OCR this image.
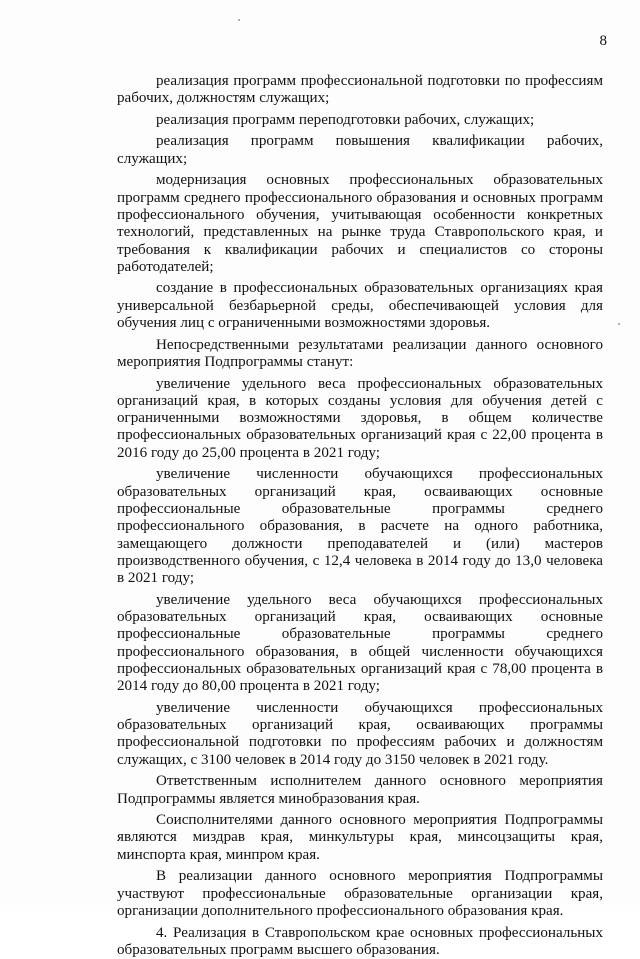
8

реализация программ профессиональной подготовки по профессиям рабочих, должностям служащих;

реализация программ переподготовки рабочих, служащих;

реализация программ повышения квалификации рабочих, служащих;

модернизация основных профессиональных образовательных программ среднего профессионального образования и основных программ профессионального обучения, учитывающая особенности конкретных технологий, представленных на рынке труда Ставропольского края, и требования к квалификации рабочих и специалистов со стороны работодателей;

создание в профессиональных образовательных организациях края универсальной безбарьерной среды, обеспечивающей условия для обучения лиц с ограниченными возможностями здоровья.

Непосредственными результатами реализации данного основного мероприятия Подпрограммы станут:

увеличение удельного веса профессиональных образовательных организаций края, в которых созданы условия для обучения детей с ограниченными возможностями здоровья, в общем количестве профессиональных образовательных организаций края с 22,00 процента в 2016 году до 25,00 процента в 2021 году;

увеличение численности обучающихся профессиональных образовательных организаций края, осваивающих основные профессиональные образовательные программы среднего профессионального образования, в расчете на одного работника, замещающего должности преподавателей и (или) мастеров производственного обучения, с 12,4 человека в 2014 году до 13,0 человека в 2021 году;

увеличение удельного веса обучающихся профессиональных образовательных организаций края, осваивающих основные профессиональные образовательные программы среднего профессионального образования, в общей численности обучающихся профессиональных образовательных организаций края с 78,00 процента в 2014 году до 80,00 процента в 2021 году;

увеличение численности обучающихся профессиональных образовательных организаций края, осваивающих программы профессиональной подготовки по профессиям рабочих и должностям служащих, с 3100 человек в 2014 году до 3150 человек в 2021 году.

Ответственным исполнителем данного основного мероприятия Подпрограммы является минобразования края.

Соисполнителями данного основного мероприятия Подпрограммы являются миздрав края, минкультуры края, минсоцзащиты края, минспорта края, минпром края.

В реализации данного основного мероприятия Подпрограммы участвуют профессиональные образовательные организации края, организации дополнительного профессионального образования края.

4. Реализация в Ставропольском крае основных профессиональных образовательных программ высшего образования.
